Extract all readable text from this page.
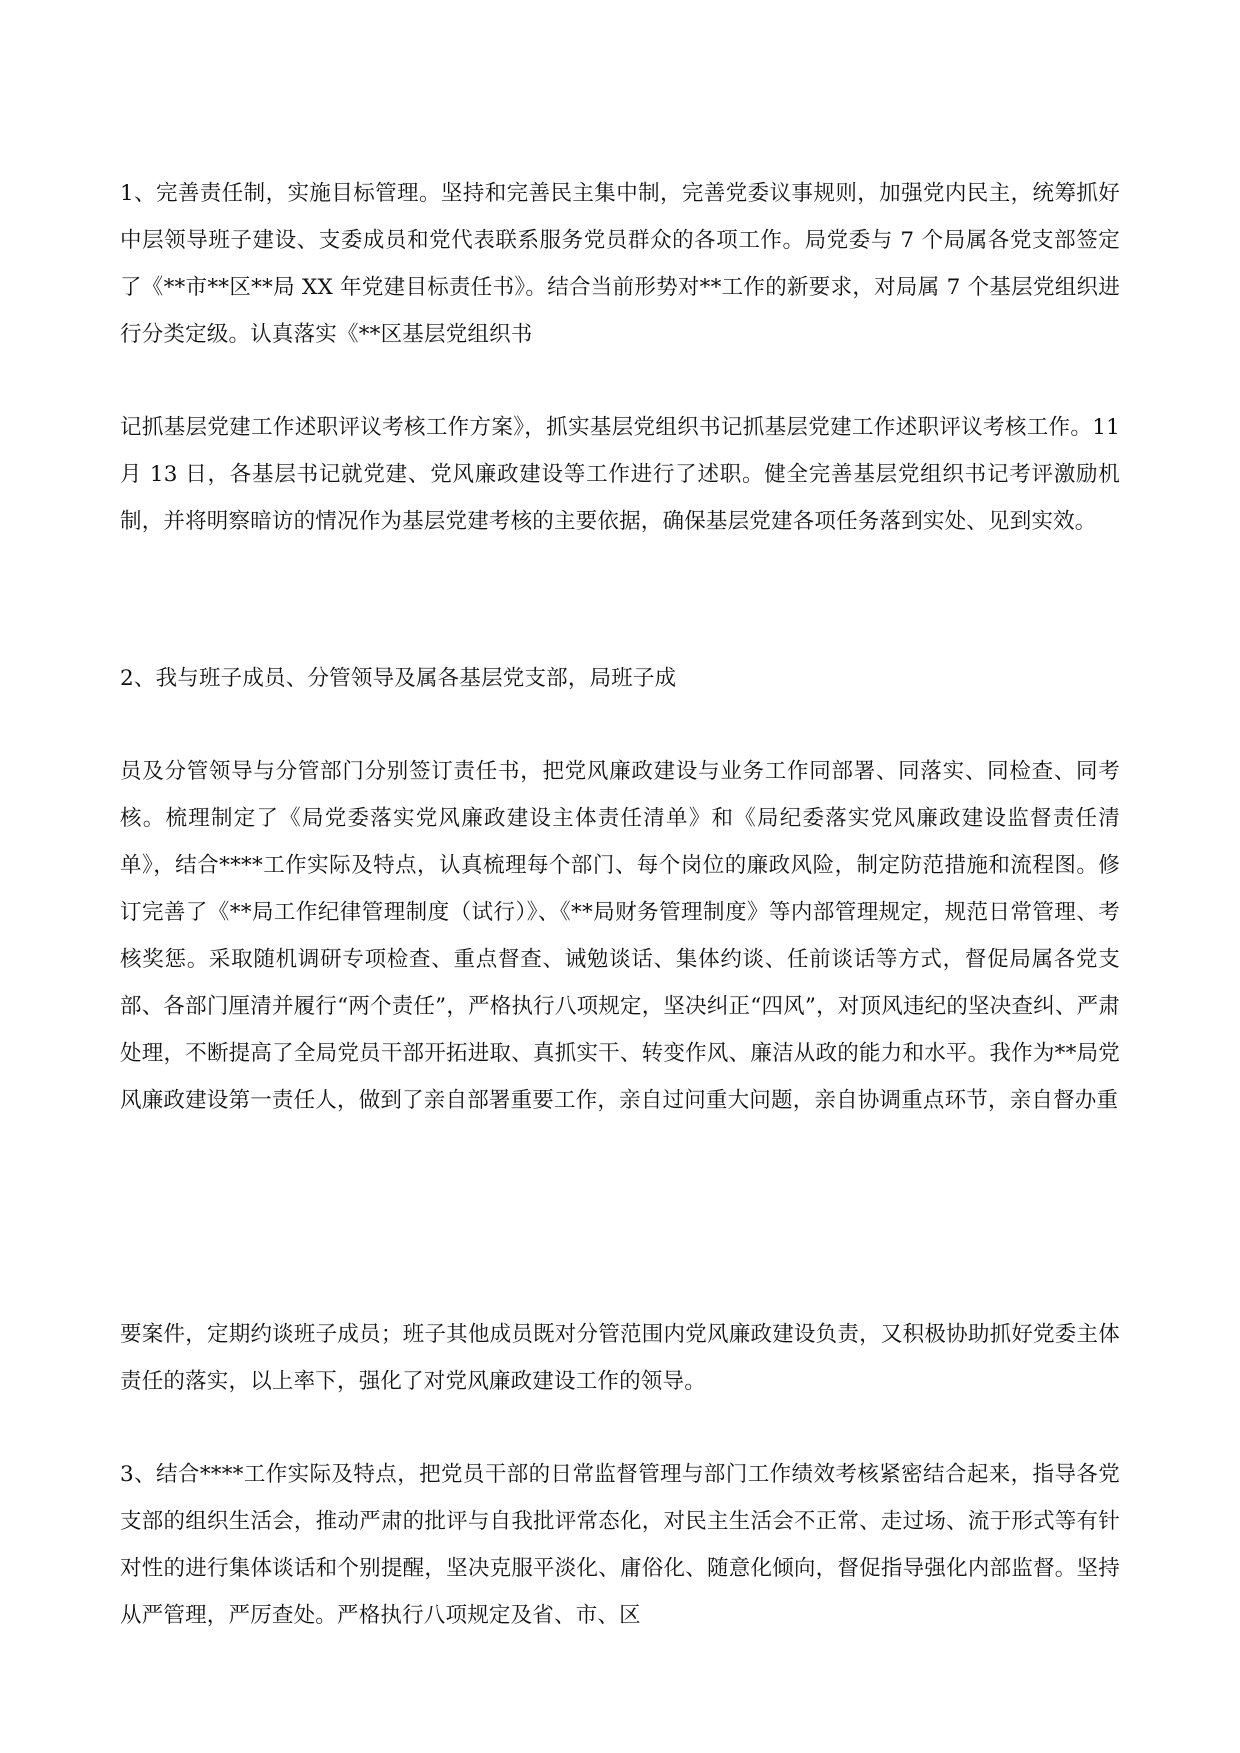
1、完善责任制，实施目标管理。坚持和完善民主集中制，完善党委议事规则，加强党内民主，统筹抓好中层领导班子建设、支委成员和党代表联系服务党员群众的各项工作。局党委与 7 个局属各党支部签定了《**市**区**局 XX 年党建目标责任书》。结合当前形势对**工作的新要求，对局属 7 个基层党组织进行分类定级。认真落实《**区基层党组织书

记抓基层党建工作述职评议考核工作方案》，抓实基层党组织书记抓基层党建工作述职评议考核工作。11 月 13 日，各基层书记就党建、党风廉政建设等工作进行了述职。健全完善基层党组织书记考评激励机制，并将明察暗访的情况作为基层党建考核的主要依据，确保基层党建各项任务落到实处、见到实效。

2、我与班子成员、分管领导及属各基层党支部，局班子成

员及分管领导与分管部门分别签订责任书，把党风廉政建设与业务工作同部署、同落实、同检查、同考核。梳理制定了《局党委落实党风廉政建设主体责任清单》和《局纪委落实党风廉政建设监督责任清单》，结合****工作实际及特点，认真梳理每个部门、每个岗位的廉政风险，制定防范措施和流程图。修订完善了《**局工作纪律管理制度（试行）》、《**局财务管理制度》等内部管理规定，规范日常管理、考核奖惩。采取随机调研专项检查、重点督查、诫勉谈话、集体约谈、任前谈话等方式，督促局属各党支部、各部门厘清并履行“两个责任”，严格执行八项规定，坚决纠正“四风”，对顶风违纪的坚决查纠、严肃处理，不断提高了全局党员干部开拓进取、真抓实干、转变作风、廉洁从政的能力和水平。我作为**局党风廉政建设第一责任人，做到了亲自部署重要工作，亲自过问重大问题，亲自协调重点环节，亲自督办重

要案件，定期约谈班子成员；班子其他成员既对分管范围内党风廉政建设负责，又积极协助抓好党委主体责任的落实，以上率下，强化了对党风廉政建设工作的领导。

3、结合****工作实际及特点，把党员干部的日常监督管理与部门工作绩效考核紧密结合起来，指导各党支部的组织生活会，推动严肃的批评与自我批评常态化，对民主生活会不正常、走过场、流于形式等有针对性的进行集体谈话和个别提醒，坚决克服平淡化、庸俗化、随意化倾向，督促指导强化内部监督。坚持从严管理，严厉查处。严格执行八项规定及省、市、区
